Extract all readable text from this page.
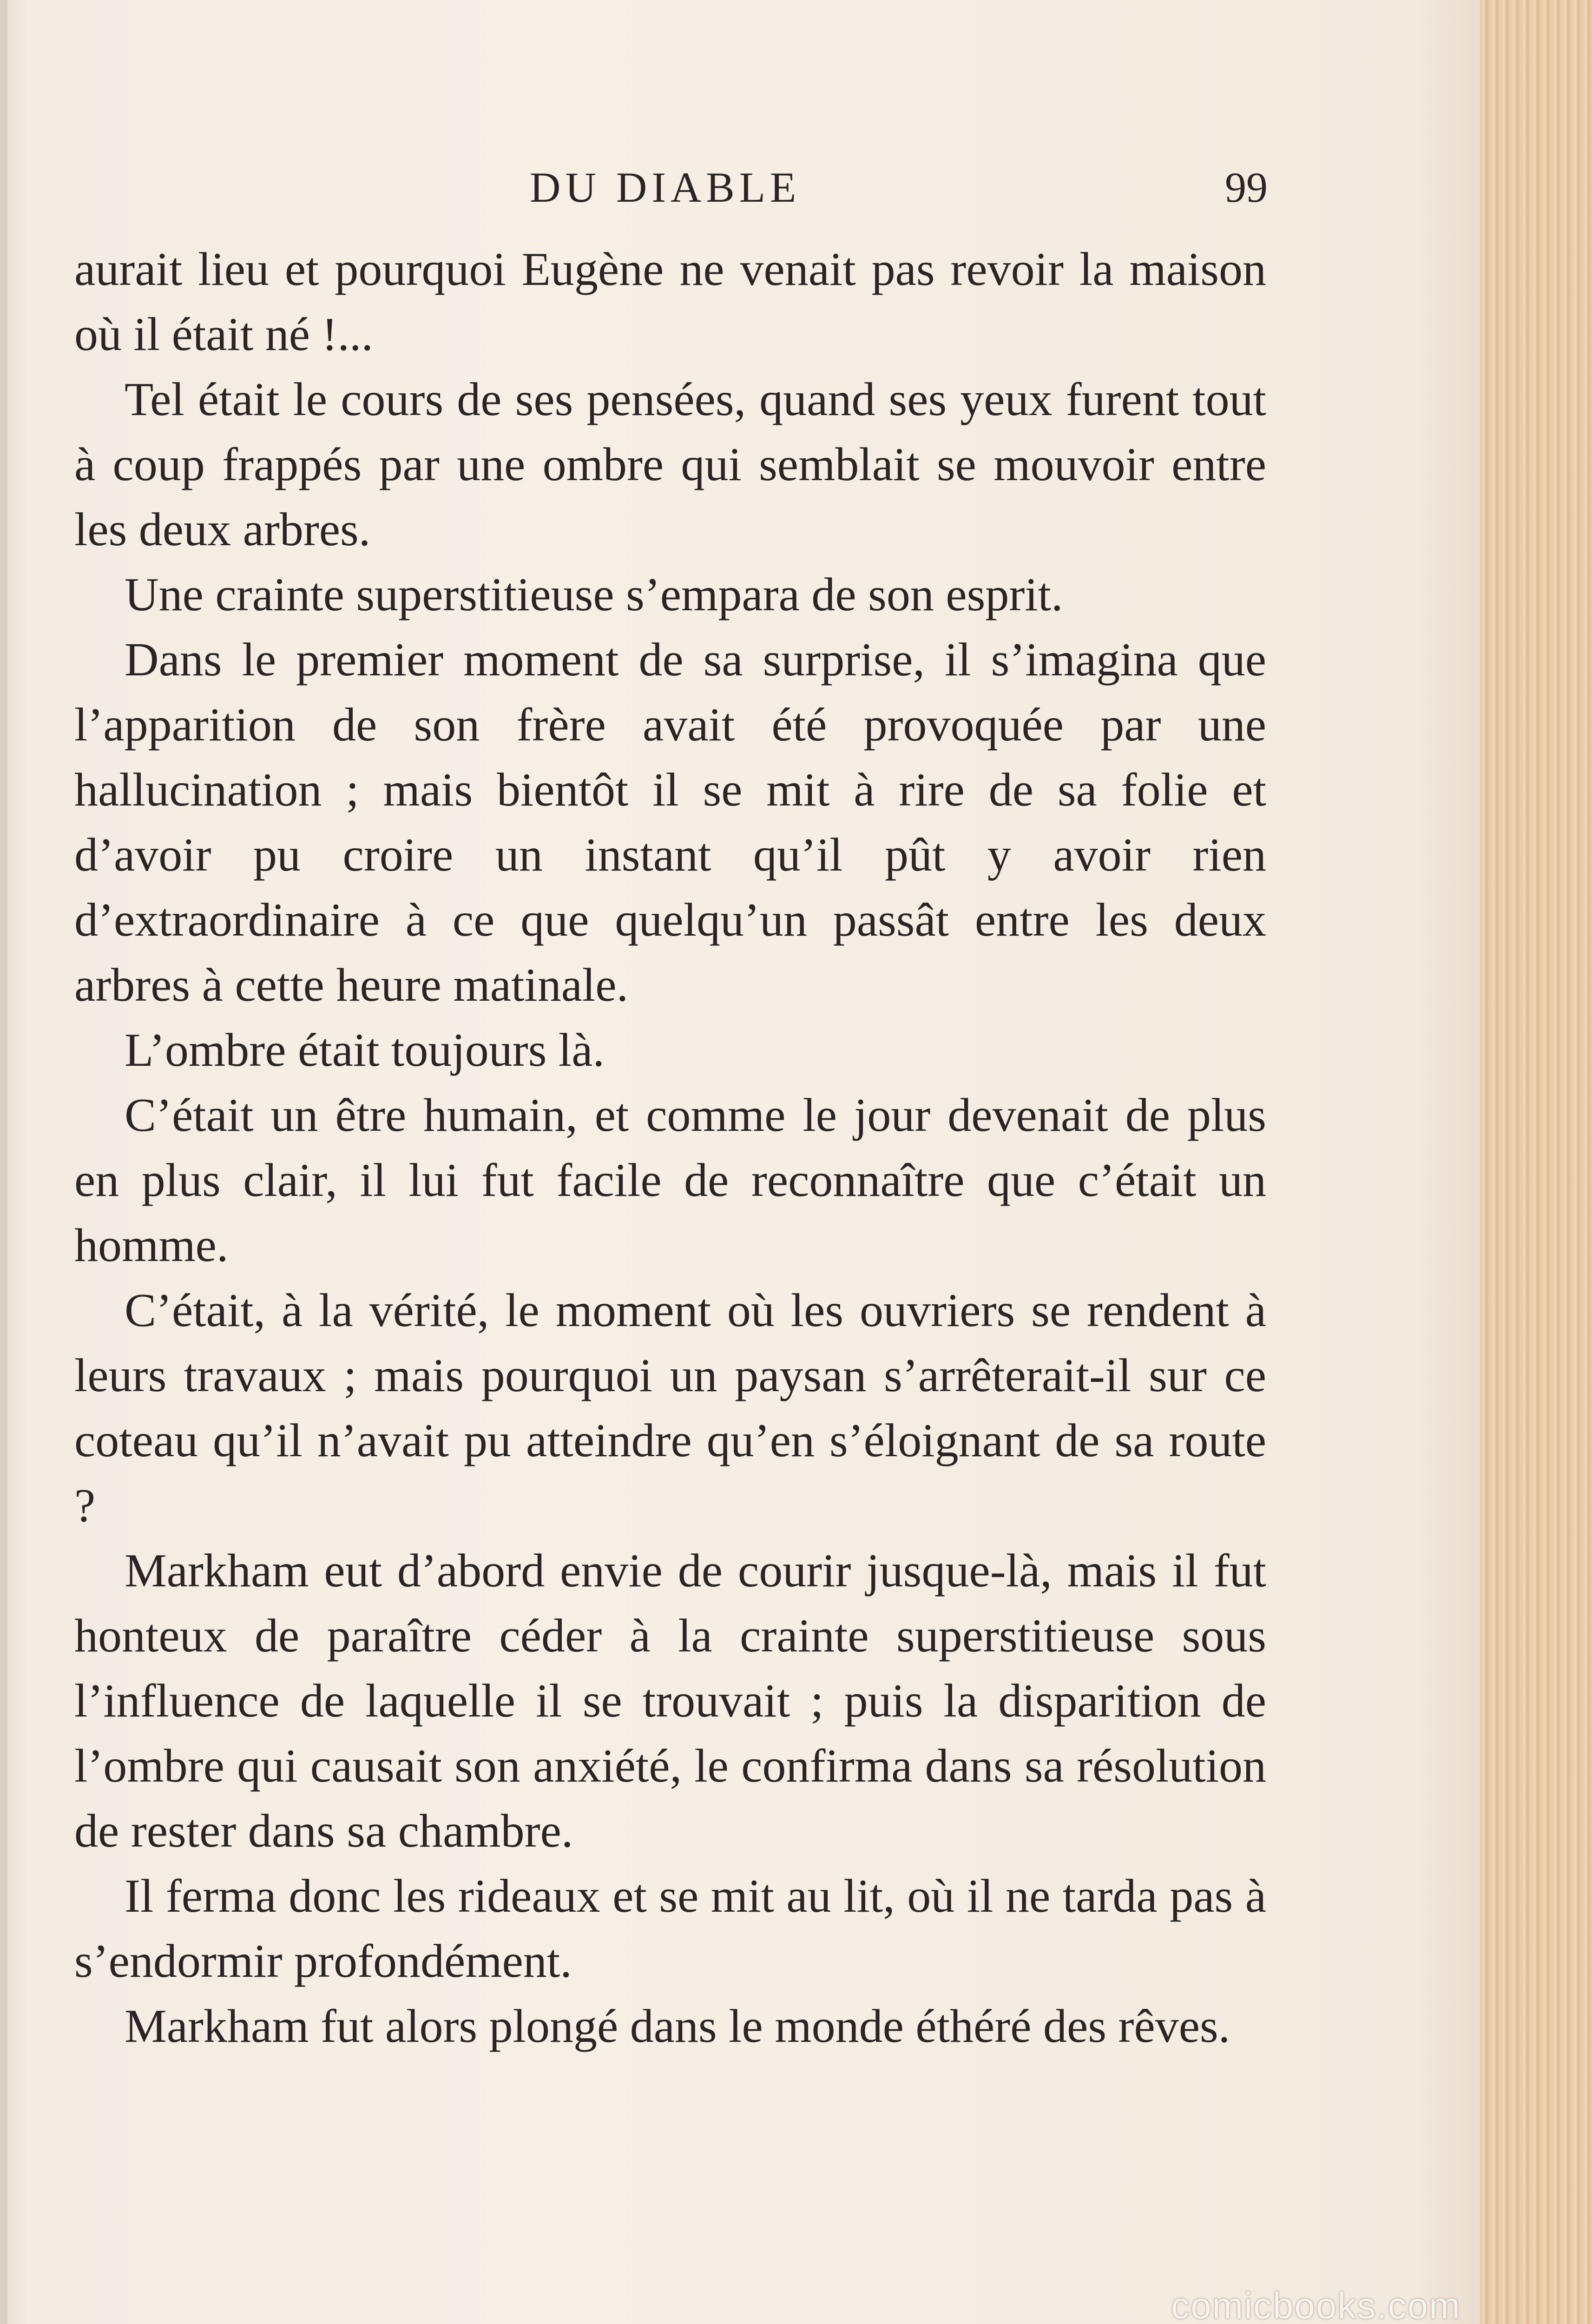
DU DIABLE	99

aurait lieu et pourquoi Eugène ne venait pas revoir la maison où il était né !...

Tel était le cours de ses pensées, quand ses yeux furent tout à coup frappés par une ombre qui semblait se mouvoir entre les deux arbres.

Une crainte superstitieuse s’empara de son esprit.

Dans le premier moment de sa surprise, il s’imagina que l’apparition de son frère avait été provoquée par une hallucination ; mais bientôt il se mit à rire de sa folie et d’avoir pu croire un instant qu’il pût y avoir rien d’extraordinaire à ce que quelqu’un passât entre les deux arbres à cette heure matinale.

L’ombre était toujours là.

C’était un être humain, et comme le jour devenait de plus en plus clair, il lui fut facile de reconnaître que c’était un homme.

C’était, à la vérité, le moment où les ouvriers se rendent à leurs travaux ; mais pourquoi un paysan s’arrêterait-il sur ce coteau qu’il n’avait pu atteindre qu’en s’éloignant de sa route ?

Markham eut d’abord envie de courir jusque-là, mais il fut honteux de paraître céder à la crainte superstitieuse sous l’influence de laquelle il se trouvait ; puis la disparition de l’ombre qui causait son anxiété, le confirma dans sa résolution de rester dans sa chambre.

Il ferma donc les rideaux et se mit au lit, où il ne tarda pas à s’endormir profondément.

Markham fut alors plongé dans le monde éthéré des rêves.

comicbooks.com
